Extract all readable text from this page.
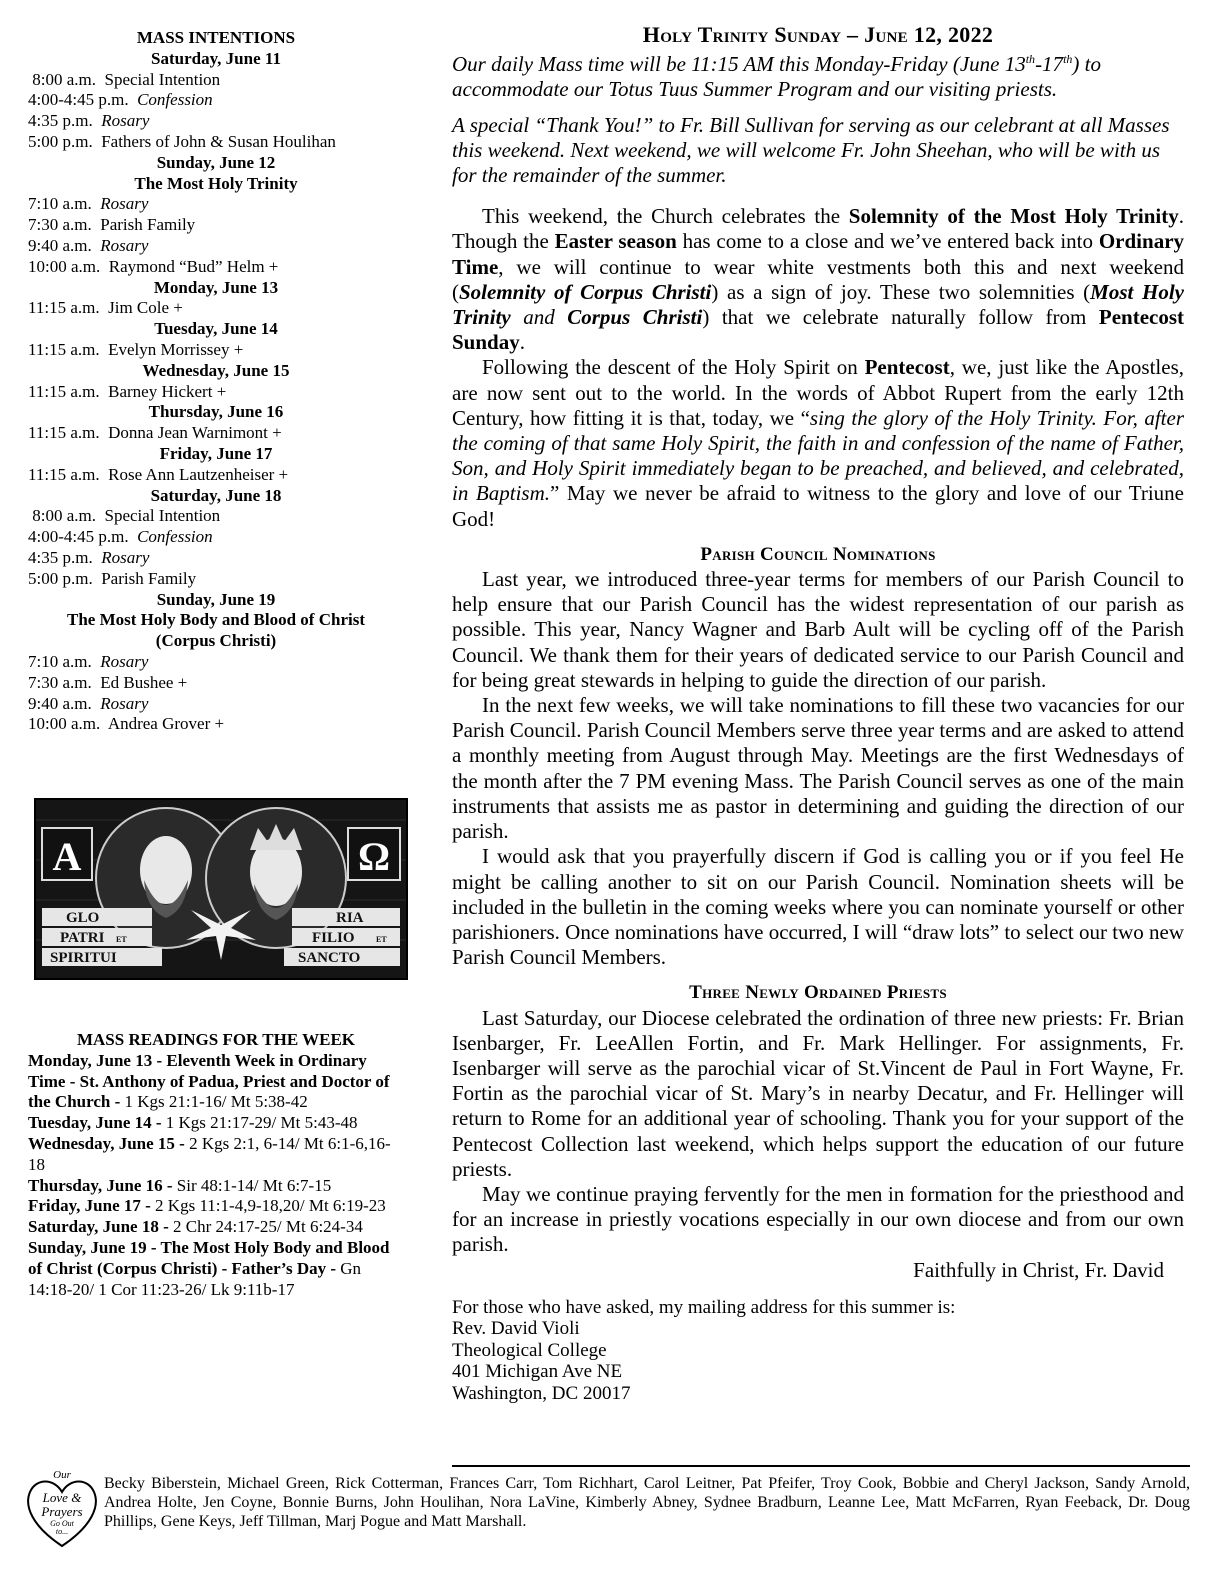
MASS INTENTIONS
Saturday, June 11
8:00 a.m. Special Intention
4:00-4:45 p.m. Confession
4:35 p.m. Rosary
5:00 p.m. Fathers of John & Susan Houlihan
Sunday, June 12
The Most Holy Trinity
7:10 a.m. Rosary
7:30 a.m. Parish Family
9:40 a.m. Rosary
10:00 a.m. Raymond “Bud” Helm +
Monday, June 13
11:15 a.m. Jim Cole +
Tuesday, June 14
11:15 a.m. Evelyn Morrissey +
Wednesday, June 15
11:15 a.m. Barney Hickert +
Thursday, June 16
11:15 a.m. Donna Jean Warnimont +
Friday, June 17
11:15 a.m. Rose Ann Lautzenheiser +
Saturday, June 18
8:00 a.m. Special Intention
4:00-4:45 p.m. Confession
4:35 p.m. Rosary
5:00 p.m. Parish Family
Sunday, June 19
The Most Holy Body and Blood of Christ
(Corpus Christi)
7:10 a.m. Rosary
7:30 a.m. Ed Bushee +
9:40 a.m. Rosary
10:00 a.m. Andrea Grover +
A	Ω
GLO	RIA
PATRI ET	FILIO	ET
SPIRITUI	SANCTO
MASS READINGS FOR THE WEEK
Monday, June 13 - Eleventh Week in Ordinary Time - St. Anthony of Padua, Priest and Doctor of the Church - 1 Kgs 21:1-16/ Mt 5:38-42
Tuesday, June 14 - 1 Kgs 21:17-29/ Mt 5:43-48
Wednesday, June 15 - 2 Kgs 2:1, 6-14/ Mt 6:1-6,16-18
Thursday, June 16 - Sir 48:1-14/ Mt 6:7-15
Friday, June 17 - 2 Kgs 11:1-4,9-18,20/ Mt 6:19-23
Saturday, June 18 - 2 Chr 24:17-25/ Mt 6:24-34
Sunday, June 19 - The Most Holy Body and Blood of Christ (Corpus Christi) - Father’s Day - Gn 14:18-20/ 1 Cor 11:23-26/ Lk 9:11b-17
Holy Trinity Sunday – June 12, 2022

Our daily Mass time will be 11:15 AM this Monday-Friday (June 13th-17th) to accommodate our Totus Tuus Summer Program and our visiting priests.

A special “Thank You!” to Fr. Bill Sullivan for serving as our celebrant at all Masses this weekend. Next weekend, we will welcome Fr. John Sheehan, who will be with us for the remainder of the summer.

This weekend, the Church celebrates the Solemnity of the Most Holy Trinity. Though the Easter season has come to a close and we’ve entered back into Ordinary Time, we will continue to wear white vestments both this and next weekend (Solemnity of Corpus Christi) as a sign of joy. These two solemnities (Most Holy Trinity and Corpus Christi) that we celebrate naturally follow from Pentecost Sunday.

Following the descent of the Holy Spirit on Pentecost, we, just like the Apostles, are now sent out to the world. In the words of Abbot Rupert from the early 12th Century, how fitting it is that, today, we “sing the glory of the Holy Trinity. For, after the coming of that same Holy Spirit, the faith in and confession of the name of Father, Son, and Holy Spirit immediately began to be preached, and believed, and celebrated, in Baptism.” May we never be afraid to witness to the glory and love of our Triune God!

Parish Council Nominations

Last year, we introduced three-year terms for members of our Parish Council to help ensure that our Parish Council has the widest representation of our parish as possible. This year, Nancy Wagner and Barb Ault will be cycling off of the Parish Council. We thank them for their years of dedicated service to our Parish Council and for being great stewards in helping to guide the direction of our parish.

In the next few weeks, we will take nominations to fill these two vacancies for our Parish Council. Parish Council Members serve three year terms and are asked to attend a monthly meeting from August through May. Meetings are the first Wednesdays of the month after the 7 PM evening Mass. The Parish Council serves as one of the main instruments that assists me as pastor in determining and guiding the direction of our parish.

I would ask that you prayerfully discern if God is calling you or if you feel He might be calling another to sit on our Parish Council. Nomination sheets will be included in the bulletin in the coming weeks where you can nominate yourself or other parishioners. Once nominations have occurred, I will “draw lots” to select our two new Parish Council Members.

Three Newly Ordained Priests

Last Saturday, our Diocese celebrated the ordination of three new priests: Fr. Brian Isenbarger, Fr. LeeAllen Fortin, and Fr. Mark Hellinger. For assignments, Fr. Isenbarger will serve as the parochial vicar of St.Vincent de Paul in Fort Wayne, Fr. Fortin as the parochial vicar of St. Mary’s in nearby Decatur, and Fr. Hellinger will return to Rome for an additional year of schooling. Thank you for your support of the Pentecost Collection last weekend, which helps support the education of our future priests.

May we continue praying fervently for the men in formation for the priesthood and for an increase in priestly vocations especially in our own diocese and from our own parish.

Faithfully in Christ, Fr. David
For those who have asked, my mailing address for this summer is:
Rev. David Violi
Theological College
401 Michigan Ave NE
Washington, DC 20017
Our
Love &
Prayers
Go Out
to...
Becky Biberstein, Michael Green, Rick Cotterman, Frances Carr, Tom Richhart, Carol Leitner, Pat Pfeifer, Troy Cook, Bobbie and Cheryl Jackson, Sandy Arnold, Andrea Holte, Jen Coyne, Bonnie Burns, John Houlihan, Nora LaVine, Kimberly Abney, Sydnee Bradburn, Leanne Lee, Matt McFarren, Ryan Feeback, Dr. Doug Phillips, Gene Keys, Jeff Tillman, Marj Pogue and Matt Marshall.
